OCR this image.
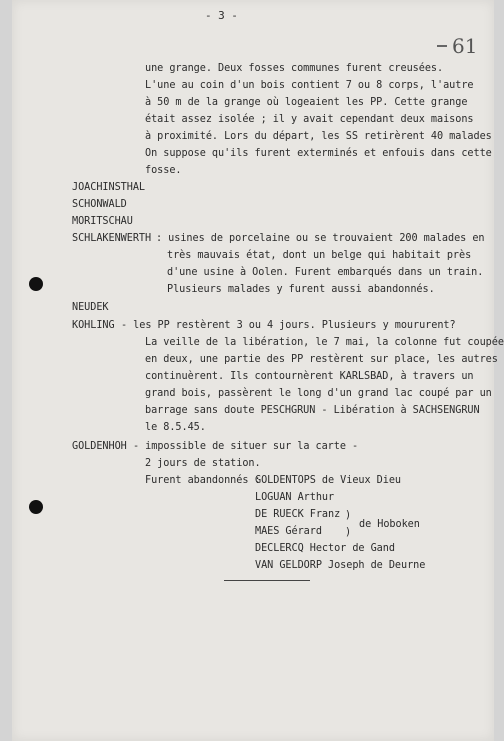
- 3 -
61
une grange. Deux fosses communes furent creusées.
L'une au coin d'un bois contient 7 ou 8 corps, l'autre
à 50 m de la grange où logeaient les PP. Cette grange
était assez isolée ; il y avait cependant deux maisons
à proximité. Lors du départ, les SS retirèrent 40 malades
On suppose qu'ils furent exterminés et enfouis dans cette
fosse.
JOACHINSTHAL
SCHONWALD
MORITSCHAU
SCHLAKENWERTH : usines de porcelaine ou se trouvaient 200 malades en
très mauvais état, dont un belge qui habitait près
d'une usine à Oolen. Furent embarqués dans un train.
Plusieurs malades y furent aussi abandonnés.
NEUDEK
KOHLING - les PP restèrent 3 ou 4 jours. Plusieurs y moururent?
La veille de la libération, le 7 mai, la colonne fut coupée
en deux, une partie des PP restèrent sur place, les autres
continuèrent. Ils contournèrent KARLSBAD, à travers un
grand bois, passèrent le long d'un grand lac coupé par un
barrage sans doute PESCHGRUN - Libération à SACHSENGRUN
le 8.5.45.
GOLDENHOH - impossible de situer sur la carte -
2 jours de station.
Furent abandonnés :
GOLDENTOPS de Vieux Dieu
LOGUAN Arthur
DE RUECK Franz )
de Hoboken
MAES Gérard )
DECLERCQ Hector de Gand
VAN GELDORP Joseph de Deurne
